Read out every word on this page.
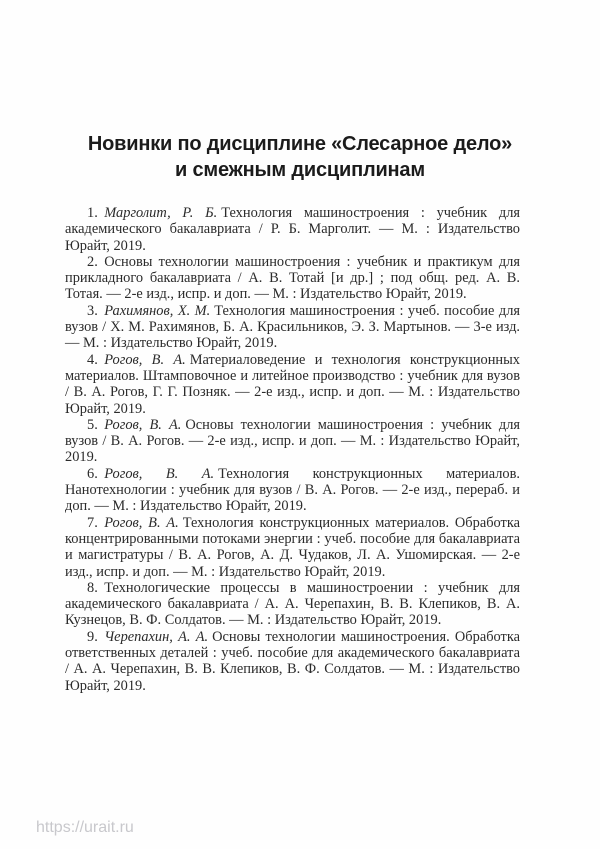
Новинки по дисциплине «Слесарное дело»
и смежным дисциплинам

1. Марголит, Р. Б. Технология машиностроения : учебник для академического бакалавриата / Р. Б. Марголит. — М. : Издательство Юрайт, 2019.

2. Основы технологии машиностроения : учебник и практикум для прикладного бакалавриата / А. В. Тотай [и др.] ; под общ. ред. А. В. Тотая. — 2-е изд., испр. и доп. — М. : Издательство Юрайт, 2019.

3. Рахимянов, Х. М. Технология машиностроения : учеб. пособие для вузов / Х. М. Рахимянов, Б. А. Красильников, Э. З. Мартынов. — 3-е изд. — М. : Издательство Юрайт, 2019.

4. Рогов, В. А. Материаловедение и технология конструкционных материалов. Штамповочное и литейное производство : учебник для вузов / В. А. Рогов, Г. Г. Позняк. — 2-е изд., испр. и доп. — М. : Издательство Юрайт, 2019.

5. Рогов, В. А. Основы технологии машиностроения : учебник для вузов / В. А. Рогов. — 2-е изд., испр. и доп. — М. : Издательство Юрайт, 2019.

6. Рогов, В. А. Технология конструкционных материалов. Нанотехнологии : учебник для вузов / В. А. Рогов. — 2-е изд., перераб. и доп. — М. : Издательство Юрайт, 2019.

7. Рогов, В. А. Технология конструкционных материалов. Обработка концентрированными потоками энергии : учеб. пособие для бакалавриата и магистратуры / В. А. Рогов, А. Д. Чудаков, Л. А. Ушомирская. — 2-е изд., испр. и доп. — М. : Издательство Юрайт, 2019.

8. Технологические процессы в машиностроении : учебник для академического бакалавриата / А. А. Черепахин, В. В. Клепиков, В. А. Кузнецов, В. Ф. Солдатов. — М. : Издательство Юрайт, 2019.

9. Черепахин, А. А. Основы технологии машиностроения. Обработка ответственных деталей : учеб. пособие для академического бакалавриата / А. А. Черепахин, В. В. Клепиков, В. Ф. Солдатов. — М. : Издательство Юрайт, 2019.

https://urait.ru
